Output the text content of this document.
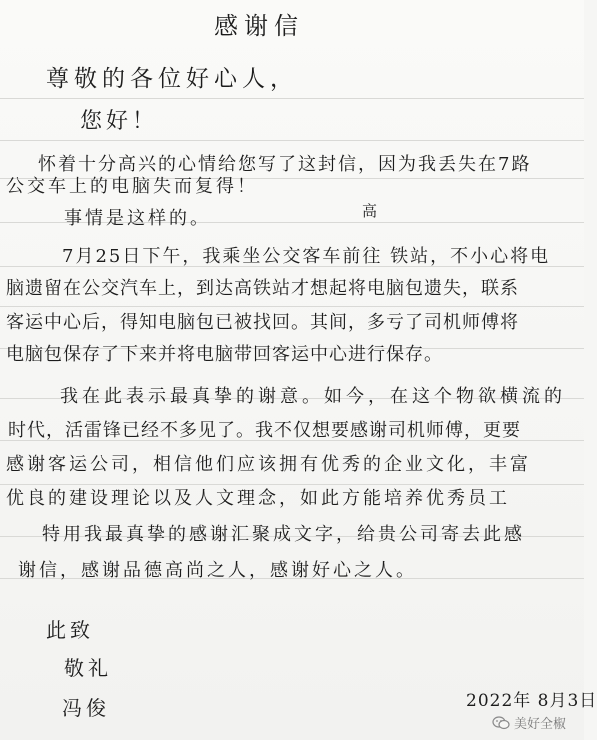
感谢信
尊敬的各位好心人，
您好！
怀着十分高兴的心情给您写了这封信，因为我丢失在7路
公交车上的电脑失而复得！
事情是这样的。	高
7月25日下午，我乘坐公交客车前往 铁站，不小心将电
脑遗留在公交汽车上，到达高铁站才想起将电脑包遗失，联系
客运中心后，得知电脑包已被找回。其间，多亏了司机师傅将
电脑包保存了下来并将电脑带回客运中心进行保存。
我在此表示最真挚的谢意。如今，在这个物欲横流的
时代，活雷锋已经不多见了。我不仅想要感谢司机师傅，更要
感谢客运公司，相信他们应该拥有优秀的企业文化，丰富
优良的建设理论以及人文理念，如此方能培养优秀员工
特用我最真挚的感谢汇聚成文字，给贵公司寄去此感
谢信，感谢品德高尚之人，感谢好心之人。
此致
敬礼
冯俊	2022年 8月3日
美好全椒
